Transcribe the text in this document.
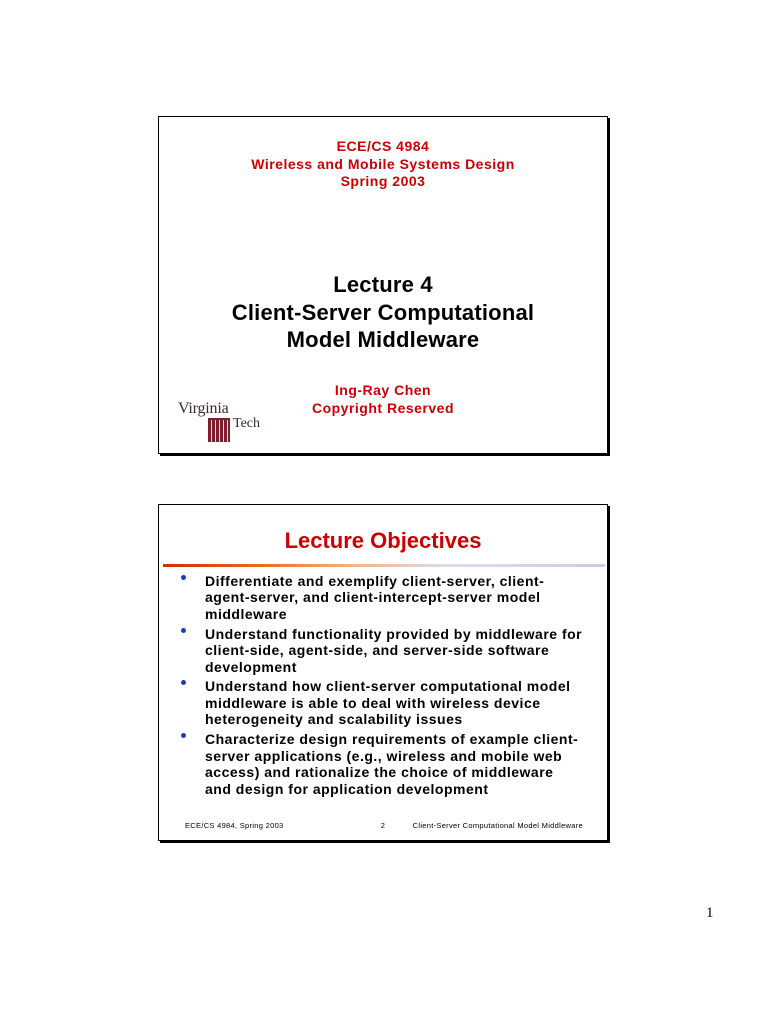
ECE/CS 4984
Wireless and Mobile Systems Design
Spring 2003
Lecture 4
Client-Server Computational
Model Middleware
Ing-Ray Chen
Copyright Reserved
Virginia
Tech
Lecture Objectives
Differentiate and exemplify client-server, client-
agent-server, and client-intercept-server model
middleware
Understand functionality provided by middleware for
client-side, agent-side, and server-side software
development
Understand how client-server computational model
middleware is able to deal with wireless device
heterogeneity and scalability issues
Characterize design requirements of example client-
server applications (e.g., wireless and mobile web
access) and rationalize the choice of middleware
and design for application development
ECE/CS 4984, Spring 2003	2	Client-Server Computational Model Middleware
1
